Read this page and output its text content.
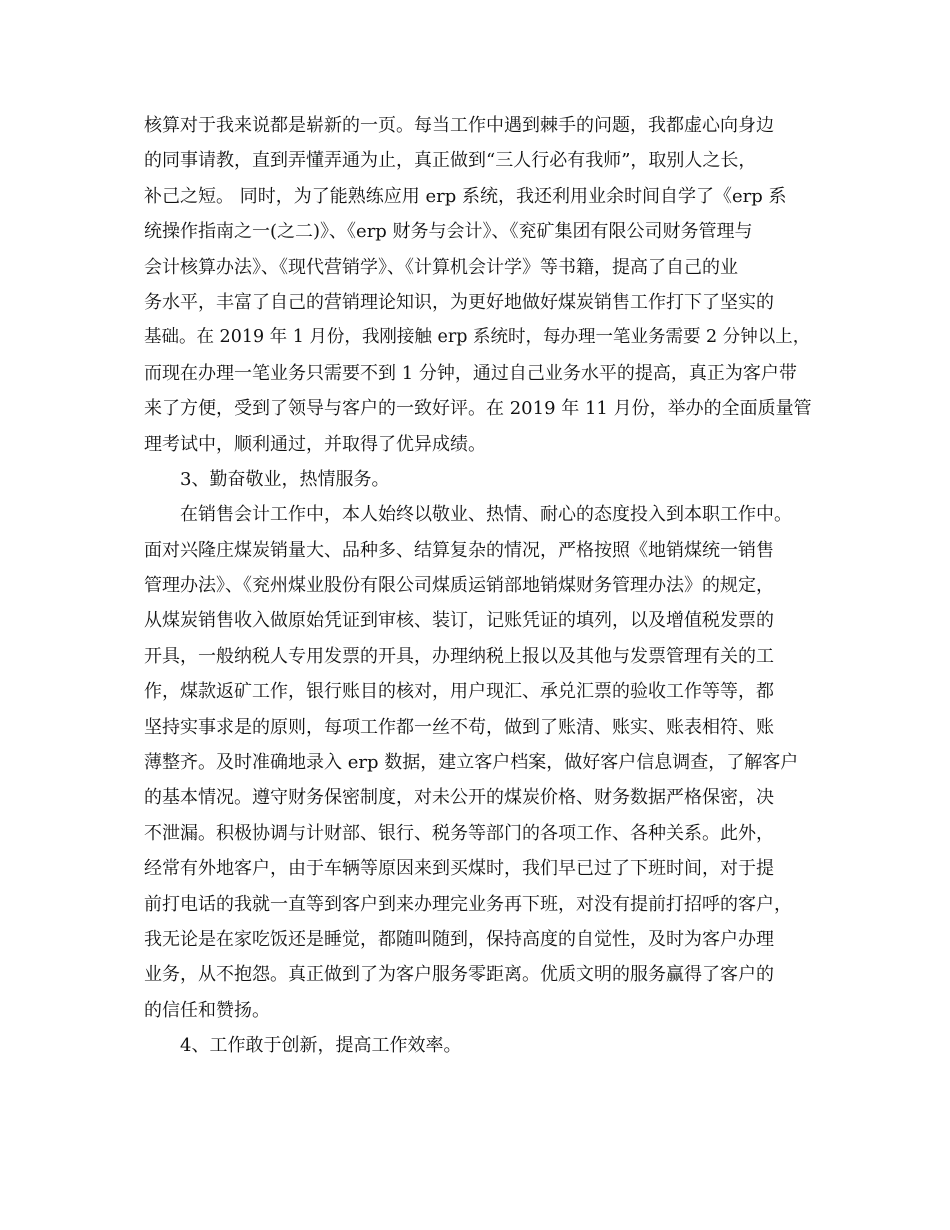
核算对于我来说都是崭新的一页。每当工作中遇到棘手的问题，我都虚心向身边
的同事请教，直到弄懂弄通为止，真正做到“三人行必有我师”，取别人之长，
补己之短。 同时，为了能熟练应用 erp 系统，我还利用业余时间自学了《erp 系
统操作指南之一(之二)》、《erp 财务与会计》、《兖矿集团有限公司财务管理与
会计核算办法》、《现代营销学》、《计算机会计学》等书籍，提高了自己的业
务水平，丰富了自己的营销理论知识，为更好地做好煤炭销售工作打下了坚实的
基础。在 2019 年 1 月份，我刚接触 erp 系统时，每办理一笔业务需要 2 分钟以上，
而现在办理一笔业务只需要不到 1 分钟，通过自己业务水平的提高，真正为客户带
来了方便，受到了领导与客户的一致好评。在 2019 年 11 月份，举办的全面质量管
理考试中，顺利通过，并取得了优异成绩。
3、勤奋敬业，热情服务。
在销售会计工作中，本人始终以敬业、热情、耐心的态度投入到本职工作中。
面对兴隆庄煤炭销量大、品种多、结算复杂的情况，严格按照《地销煤统一销售
管理办法》、《兖州煤业股份有限公司煤质运销部地销煤财务管理办法》的规定，
从煤炭销售收入做原始凭证到审核、装订，记账凭证的填列，以及增值税发票的
开具，一般纳税人专用发票的开具，办理纳税上报以及其他与发票管理有关的工
作，煤款返矿工作，银行账目的核对，用户现汇、承兑汇票的验收工作等等，都
坚持实事求是的原则，每项工作都一丝不苟，做到了账清、账实、账表相符、账
薄整齐。及时准确地录入 erp 数据，建立客户档案，做好客户信息调查，了解客户
的基本情况。遵守财务保密制度，对未公开的煤炭价格、财务数据严格保密，决
不泄漏。积极协调与计财部、银行、税务等部门的各项工作、各种关系。此外，
经常有外地客户，由于车辆等原因来到买煤时，我们早已过了下班时间，对于提
前打电话的我就一直等到客户到来办理完业务再下班，对没有提前打招呼的客户，
我无论是在家吃饭还是睡觉，都随叫随到，保持高度的自觉性，及时为客户办理
业务，从不抱怨。真正做到了为客户服务零距离。优质文明的服务赢得了客户的
的信任和赞扬。
4、工作敢于创新，提高工作效率。
